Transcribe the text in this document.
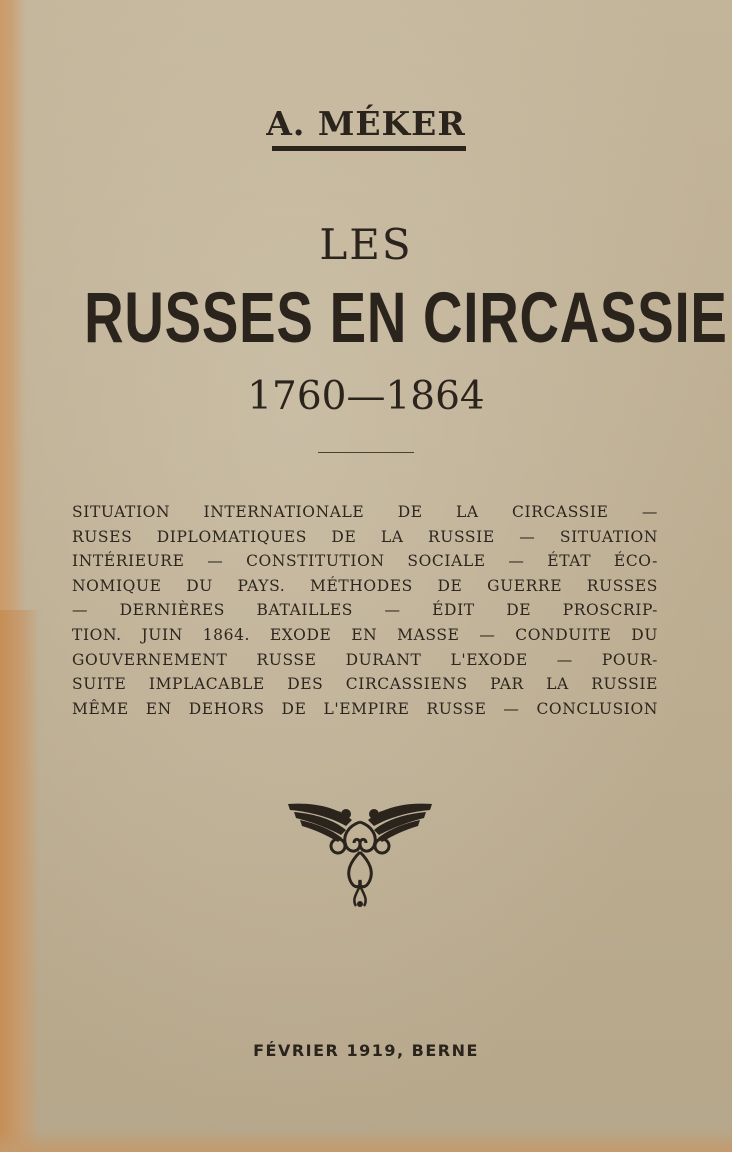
A. MÉKER
LES
RUSSES EN CIRCASSIE
1760—1864
SITUATION INTERNATIONALE DE LA CIRCASSIE —
RUSES DIPLOMATIQUES DE LA RUSSIE — SITUATION
INTÉRIEURE — CONSTITUTION SOCIALE — ÉTAT ÉCO-
NOMIQUE DU PAYS. MÉTHODES DE GUERRE RUSSES
— DERNIÈRES BATAILLES — ÉDIT DE PROSCRIP-
TION. JUIN 1864. EXODE EN MASSE — CONDUITE DU
GOUVERNEMENT RUSSE DURANT L'EXODE — POUR-
SUITE IMPLACABLE DES CIRCASSIENS PAR LA RUSSIE
MÊME EN DEHORS DE L'EMPIRE RUSSE — CONCLUSION
FÉVRIER 1919, BERNE
